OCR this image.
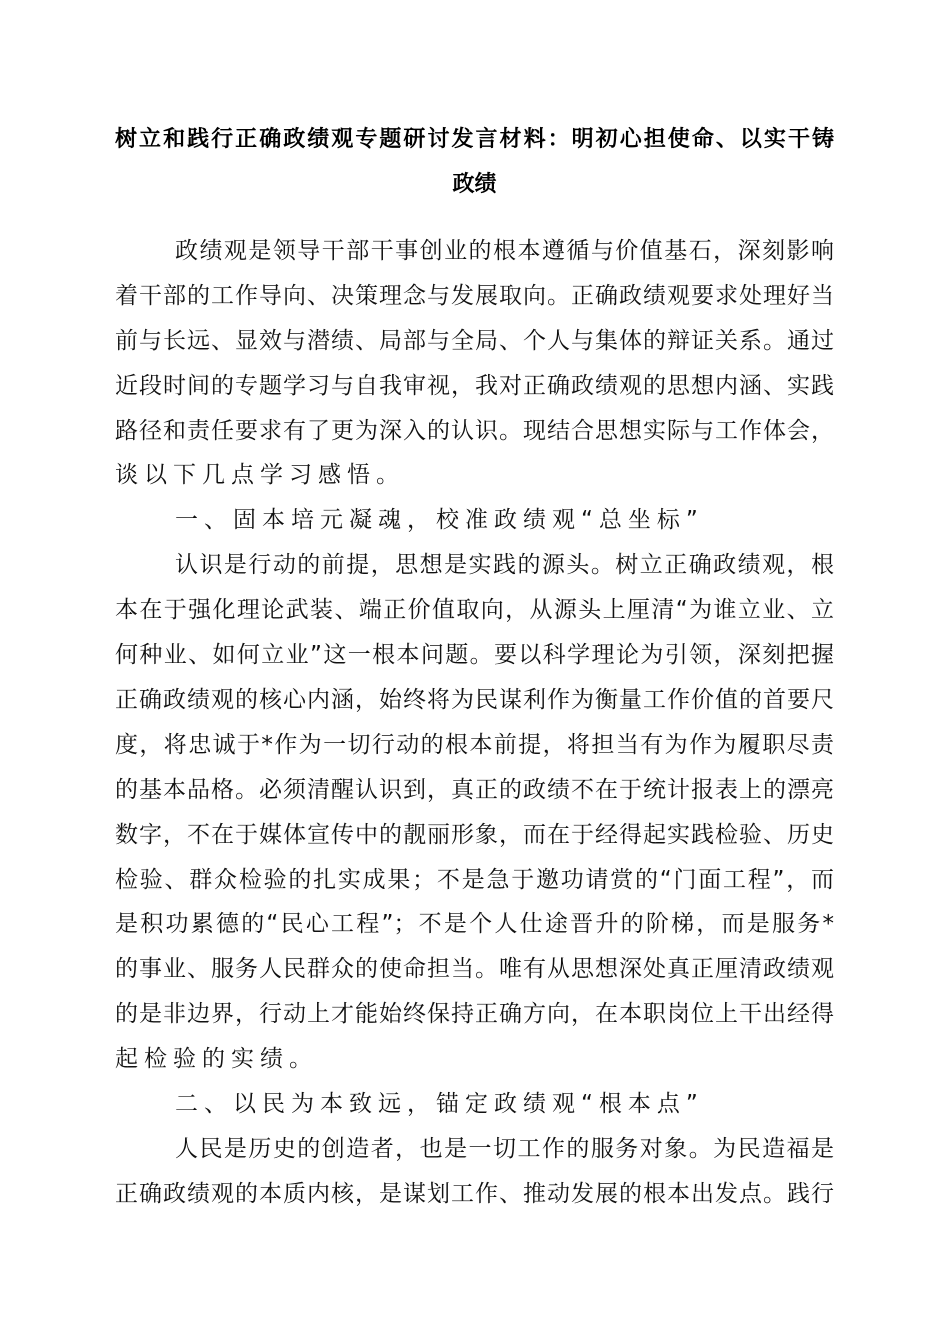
树立和践行正确政绩观专题研讨发言材料：明初心担使命、以实干铸
政绩
政绩观是领导干部干事创业的根本遵循与价值基石，深刻影响
着干部的工作导向、决策理念与发展取向。正确政绩观要求处理好当
前与长远、显效与潜绩、局部与全局、个人与集体的辩证关系。通过
近段时间的专题学习与自我审视，我对正确政绩观的思想内涵、实践
路径和责任要求有了更为深入的认识。现结合思想实际与工作体会，
谈以下几点学习感悟。
一、固本培元凝魂，校准政绩观“总坐标”
认识是行动的前提，思想是实践的源头。树立正确政绩观，根
本在于强化理论武装、端正价值取向，从源头上厘清“为谁立业、立
何种业、如何立业”这一根本问题。要以科学理论为引领，深刻把握
正确政绩观的核心内涵，始终将为民谋利作为衡量工作价值的首要尺
度，将忠诚于*作为一切行动的根本前提，将担当有为作为履职尽责
的基本品格。必须清醒认识到，真正的政绩不在于统计报表上的漂亮
数字，不在于媒体宣传中的靓丽形象，而在于经得起实践检验、历史
检验、群众检验的扎实成果；不是急于邀功请赏的“门面工程”，而
是积功累德的“民心工程”；不是个人仕途晋升的阶梯，而是服务*
的事业、服务人民群众的使命担当。唯有从思想深处真正厘清政绩观
的是非边界，行动上才能始终保持正确方向，在本职岗位上干出经得
起检验的实绩。
二、以民为本致远，锚定政绩观“根本点”
人民是历史的创造者，也是一切工作的服务对象。为民造福是
正确政绩观的本质内核，是谋划工作、推动发展的根本出发点。践行
